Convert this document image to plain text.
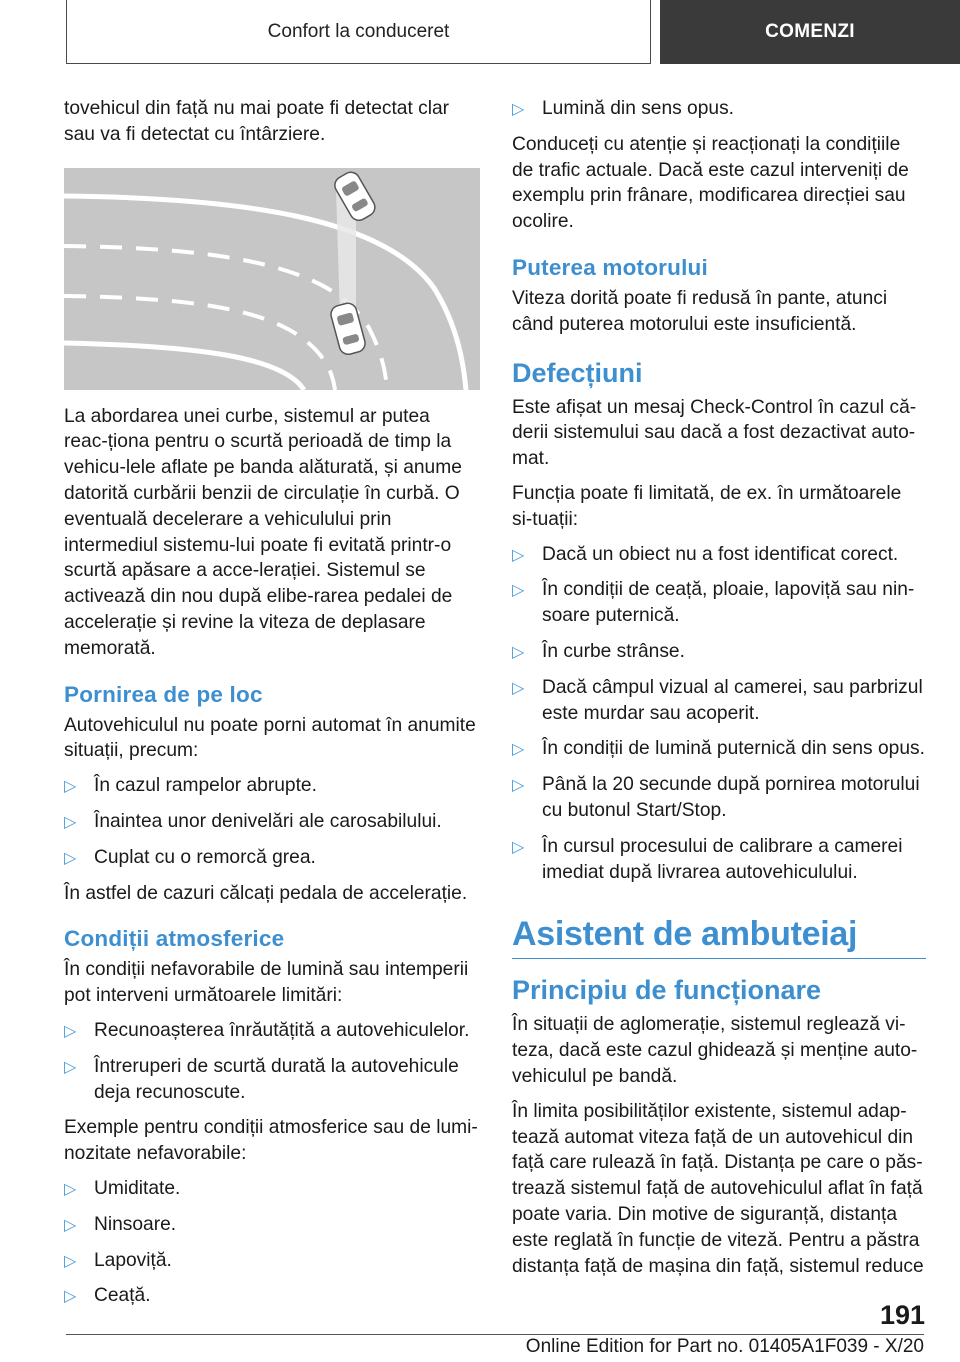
Confort la conduceret	COMENZI

tovehicul din față nu mai poate fi detectat clar sau va fi detectat cu întârziere.

La abordarea unei curbe, sistemul ar putea reac-ționa pentru o scurtă perioadă de timp la vehicu-lele aflate pe banda alăturată, și anume datorită curbării benzii de circulație în curbă. O eventuală decelerare a vehiculului prin intermediul sistemu-lui poate fi evitată printr-o scurtă apăsare a acce-lerației. Sistemul se activează din nou după elibe-rarea pedalei de accelerație și revine la viteza de deplasare memorată.

Pornirea de pe loc

Autovehiculul nu poate porni automat în anumite situații, precum:

▷ În cazul rampelor abrupte.
▷ Înaintea unor denivelări ale carosabilului.
▷ Cuplat cu o remorcă grea.

În astfel de cazuri călcați pedala de accelerație.

Condiții atmosferice

În condiții nefavorabile de lumină sau intemperii pot interveni următoarele limitări:

▷ Recunoașterea înrăutățită a autovehiculelor.
▷ Întreruperi de scurtă durată la autovehicule deja recunoscute.

Exemple pentru condiții atmosferice sau de lumi-nozitate nefavorabile:

▷ Umiditate.
▷ Ninsoare.
▷ Lapoviță.
▷ Ceață.
▷ Lumină din sens opus.

Conduceți cu atenție și reacționați la condițiile de trafic actuale. Dacă este cazul interveniți de exemplu prin frânare, modificarea direcției sau ocolire.

Puterea motorului

Viteza dorită poate fi redusă în pante, atunci când puterea motorului este insuficientă.

Defecțiuni

Este afișat un mesaj Check-Control în cazul că-derii sistemului sau dacă a fost dezactivat auto-mat.

Funcția poate fi limitată, de ex. în următoarele si-tuații:

▷ Dacă un obiect nu a fost identificat corect.
▷ În condiții de ceață, ploaie, lapoviță sau nin-soare puternică.
▷ În curbe strânse.
▷ Dacă câmpul vizual al camerei, sau parbrizul este murdar sau acoperit.
▷ În condiții de lumină puternică din sens opus.
▷ Până la 20 secunde după pornirea motorului cu butonul Start/Stop.
▷ În cursul procesului de calibrare a camerei imediat după livrarea autovehiculului.
Asistent de ambuteiaj
Principiu de funcționare

În situații de aglomerație, sistemul reglează vi-teza, dacă este cazul ghidează și menține auto-vehiculul pe bandă.

În limita posibilităților existente, sistemul adap-tează automat viteza față de un autovehicul din față care rulează în față. Distanța pe care o păs-trează sistemul față de autovehiculul aflat în față poate varia. Din motive de siguranță, distanța este reglată în funcție de viteză. Pentru a păstra distanța față de mașina din față, sistemul reduce

191
Online Edition for Part no. 01405A1F039 - X/20
